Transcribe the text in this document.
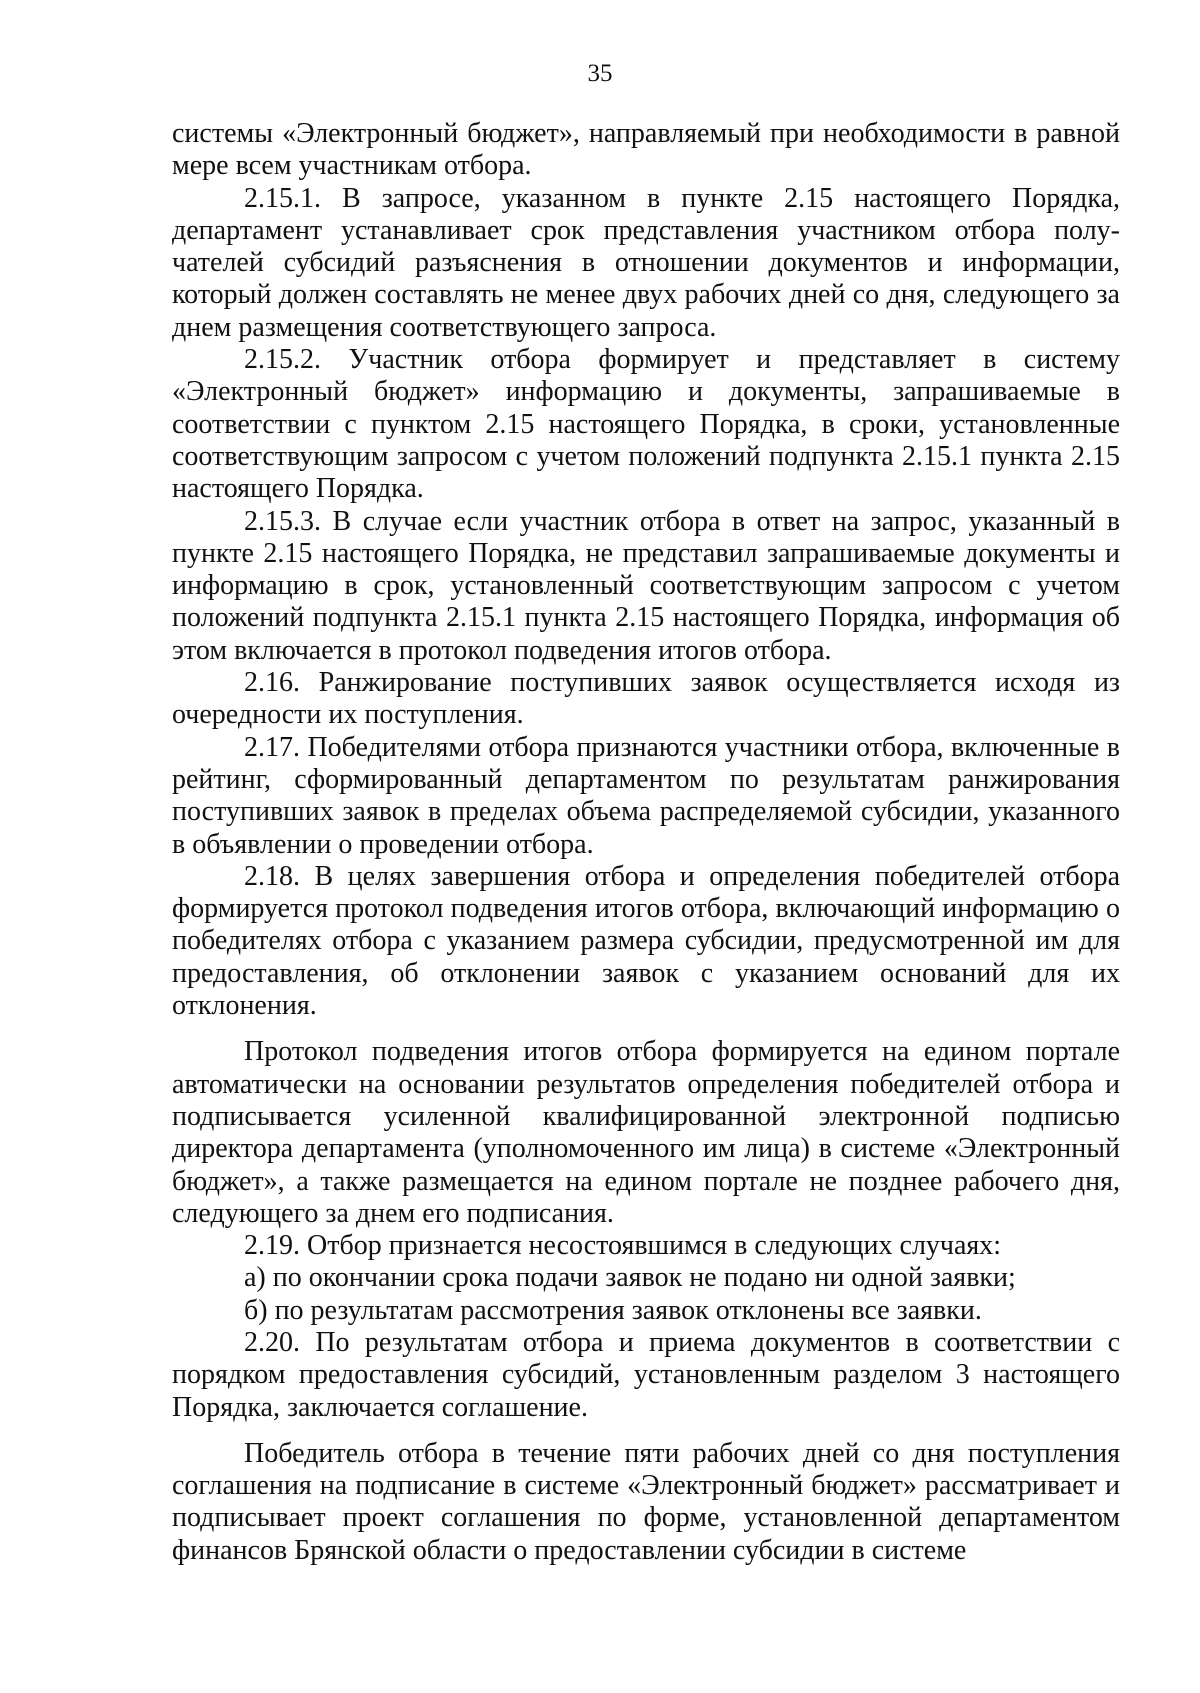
35

системы «Электронный бюджет», направляемый при необходимости в равной мере всем участникам отбора.

2.15.1. В запросе, указанном в пункте 2.15 настоящего Порядка, департамент устанавливает срок представления участником отбора получателей субсидий разъяснения в отношении документов и информации, который должен составлять не менее двух рабочих дней со дня, следующего за днем размещения соответствующего запроса.

2.15.2. Участник отбора формирует и представляет в систему «Электронный бюджет» информацию и документы, запрашиваемые в соответствии с пунктом 2.15 настоящего Порядка, в сроки, установленные соответствующим запросом с учетом положений подпункта 2.15.1 пункта 2.15 настоящего Порядка.

2.15.3. В случае если участник отбора в ответ на запрос, указанный в пункте 2.15 настоящего Порядка, не представил запрашиваемые документы и информацию в срок, установленный соответствующим запросом с учетом положений подпункта 2.15.1 пункта 2.15 настоящего Порядка, информация об этом включается в протокол подведения итогов отбора.

2.16. Ранжирование поступивших заявок осуществляется исходя из очередности их поступления.

2.17. Победителями отбора признаются участники отбора, включенные в рейтинг, сформированный департаментом по результатам ранжирования поступивших заявок в пределах объема распределяемой субсидии, указанного в объявлении о проведении отбора.

2.18. В целях завершения отбора и определения победителей отбора формируется протокол подведения итогов отбора, включающий информацию о победителях отбора с указанием размера субсидии, предусмотренной им для предоставления, об отклонении заявок с указанием оснований для их отклонения.

Протокол подведения итогов отбора формируется на едином портале автоматически на основании результатов определения победителей отбора и подписывается усиленной квалифицированной электронной подписью директора департамента (уполномоченного им лица) в системе «Электронный бюджет», а также размещается на едином портале не позднее рабочего дня, следующего за днем его подписания.

2.19. Отбор признается несостоявшимся в следующих случаях:

а) по окончании срока подачи заявок не подано ни одной заявки;

б) по результатам рассмотрения заявок отклонены все заявки.

2.20. По результатам отбора и приема документов в соответствии с порядком предоставления субсидий, установленным разделом 3 настоящего Порядка, заключается соглашение.

Победитель отбора в течение пяти рабочих дней со дня поступления соглашения на подписание в системе «Электронный бюджет» рассматривает и подписывает проект соглашения по форме, установленной департаментом финансов Брянской области о предоставлении субсидии в системе
